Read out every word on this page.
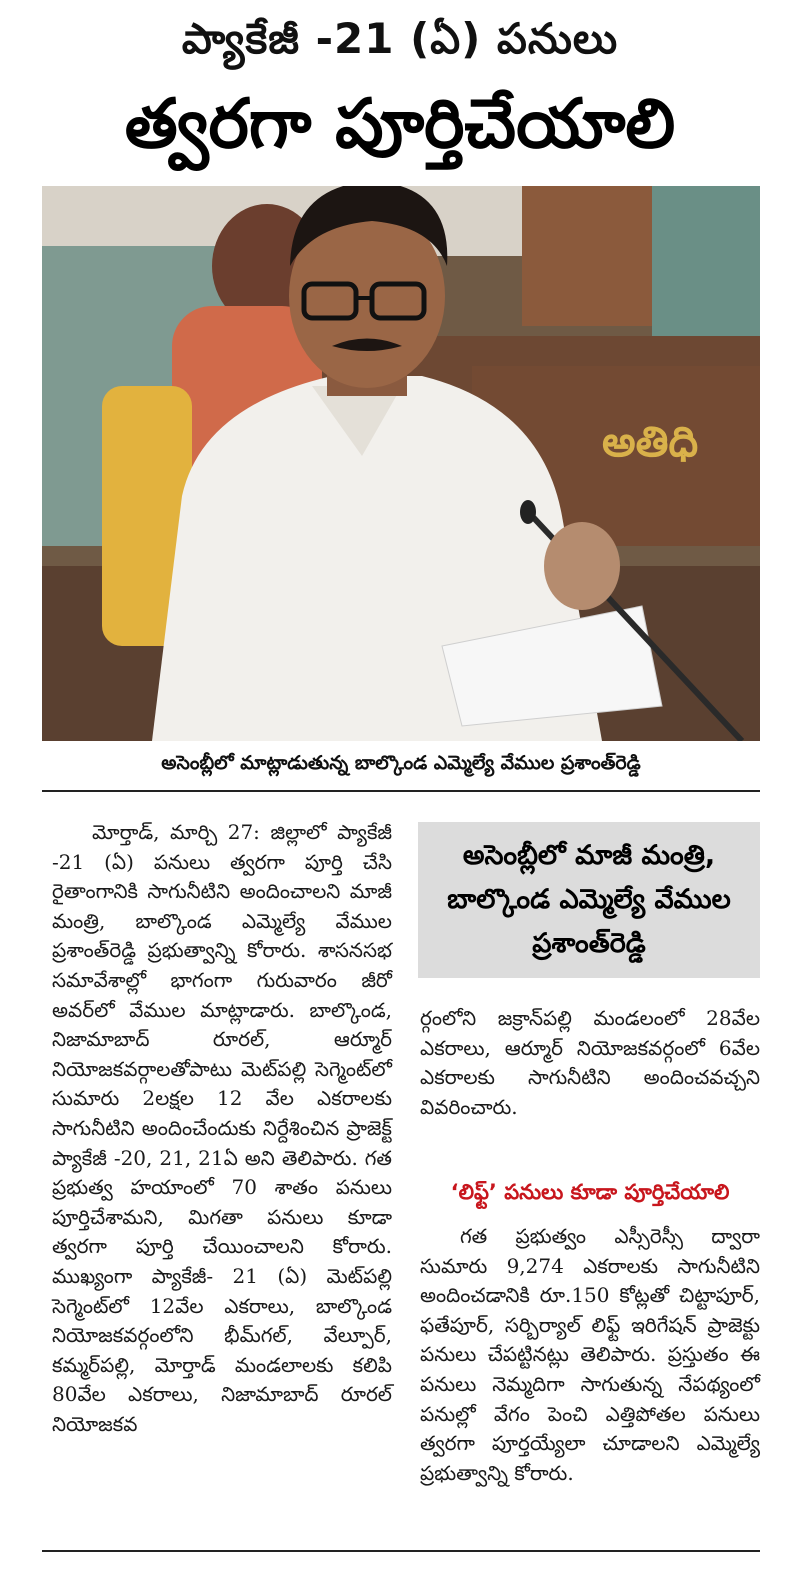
ప్యాకేజీ -21 (ఏ) పనులు
త్వరగా పూర్తిచేయాలి
అతిధి
అసెంబ్లీలో మాట్లాడుతున్న బాల్కొండ ఎమ్మెల్యే వేముల ప్రశాంత్‌రెడ్డి

మోర్తాడ్, మార్చి 27: జిల్లాలో ప్యాకేజీ -21 (ఏ) పనులు త్వరగా పూర్తి చేసి రైతాంగానికి సాగునీటిని అందించాలని మాజీ మంత్రి, బాల్కొండ ఎమ్మెల్యే వేముల ప్రశాంత్‌రెడ్డి ప్రభుత్వాన్ని కోరారు. శాసనసభ సమావేశాల్లో భాగంగా గురువారం జీరో అవర్‌లో వేముల మాట్లాడారు. బాల్కొండ, నిజామాబాద్ రూరల్, ఆర్మూర్ నియోజకవర్గాలతోపాటు మెట్‌పల్లి సెగ్మెంట్‌లో సుమారు 2లక్షల 12 వేల ఎకరాలకు సాగునీటిని అందించేందుకు నిర్దేశించిన ప్రాజెక్ట్ ప్యాకేజీ -20, 21, 21ఏ అని తెలిపారు. గత ప్రభుత్వ హయాంలో 70 శాతం పనులు పూర్తిచేశామని, మిగతా పనులు కూడా త్వరగా పూర్తి చేయించాలని కోరారు. ముఖ్యంగా ప్యాకేజీ- 21 (ఏ) మెట్‌పల్లి సెగ్మెంట్‌లో 12వేల ఎకరాలు, బాల్కొండ నియోజకవర్గంలోని భీమ్‌గల్, వేల్పూర్, కమ్మర్‌పల్లి, మోర్తాడ్ మండలాలకు కలిపి 80వేల ఎకరాలు, నిజామాబాద్ రూరల్ నియోజకవ

అసెంబ్లీలో మాజీ మంత్రి, బాల్కొండ ఎమ్మెల్యే వేముల ప్రశాంత్‌రెడ్డి

ర్గంలోని జక్రాన్‌పల్లి మండలంలో 28వేల ఎకరాలు, ఆర్మూర్ నియోజకవర్గంలో 6వేల ఎకరాలకు సాగునీటిని అందించవచ్చని వివరించారు.

‘లిఫ్ట్’ పనులు కూడా పూర్తిచేయాలి

గత ప్రభుత్వం ఎస్సీరెస్సీ ద్వారా సుమారు 9,274 ఎకరాలకు సాగునీటిని అందించడానికి రూ.150 కోట్లతో చిట్టాపూర్, ఫతేపూర్, సర్బిర్యాల్ లిఫ్ట్ ఇరిగేషన్ ప్రాజెక్టు పనులు చేపట్టినట్లు తెలిపారు. ప్రస్తుతం ఈ పనులు నెమ్మదిగా సాగుతున్న నేపథ్యంలో పనుల్లో వేగం పెంచి ఎత్తిపోతల పనులు త్వరగా పూర్తయ్యేలా చూడాలని ఎమ్మెల్యే ప్రభుత్వాన్ని కోరారు.
